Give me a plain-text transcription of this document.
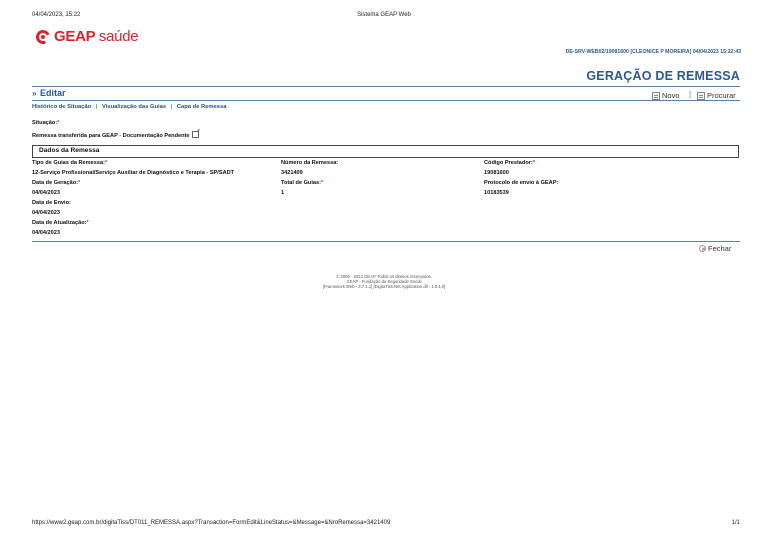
04/04/2023, 15:22	Sistema GEAP Web
GEAP saúde
DE-SRV-WEB02/19081600 [CLEONICE P MOREIRA] 04/04/2023 15:22:43
GERAÇÃO DE REMESSA
» Editar	Novo | Procurar
Histórico de Situação | Visualização das Guias | Capa de Remessa
Situação:*
Remessa transferida para GEAP - Documentação Pendente
Dados da Remessa
Tipo de Guias da Remessa:*
12-Serviço Profissional/Serviço Auxiliar de Diagnóstico e Terapia - SP/SADT
Data de Geração:*
04/04/2023
Data de Envio:
04/04/2023
Data de Atualização:*
04/04/2023
Número da Remessa:
3421409
Total de Guias:*
1
Código Prestador:*
19081600
Protocolo de envio à GEAP:
10183539
Fechar
© 2006 - 2013 GEAP. Todos os direitos reservados.
GEAP - Fundação de Seguridade Social
[Framework.Web - 3.7.1.1] [DigitaTiss.Net.Application.dll - 1.0.4.0]
https://www2.geap.com.br/digitaTiss/DT011_REMESSA.aspx?Transaction=FormEdit&LineStatus=&Message=&NroRemessa=3421409	1/1
